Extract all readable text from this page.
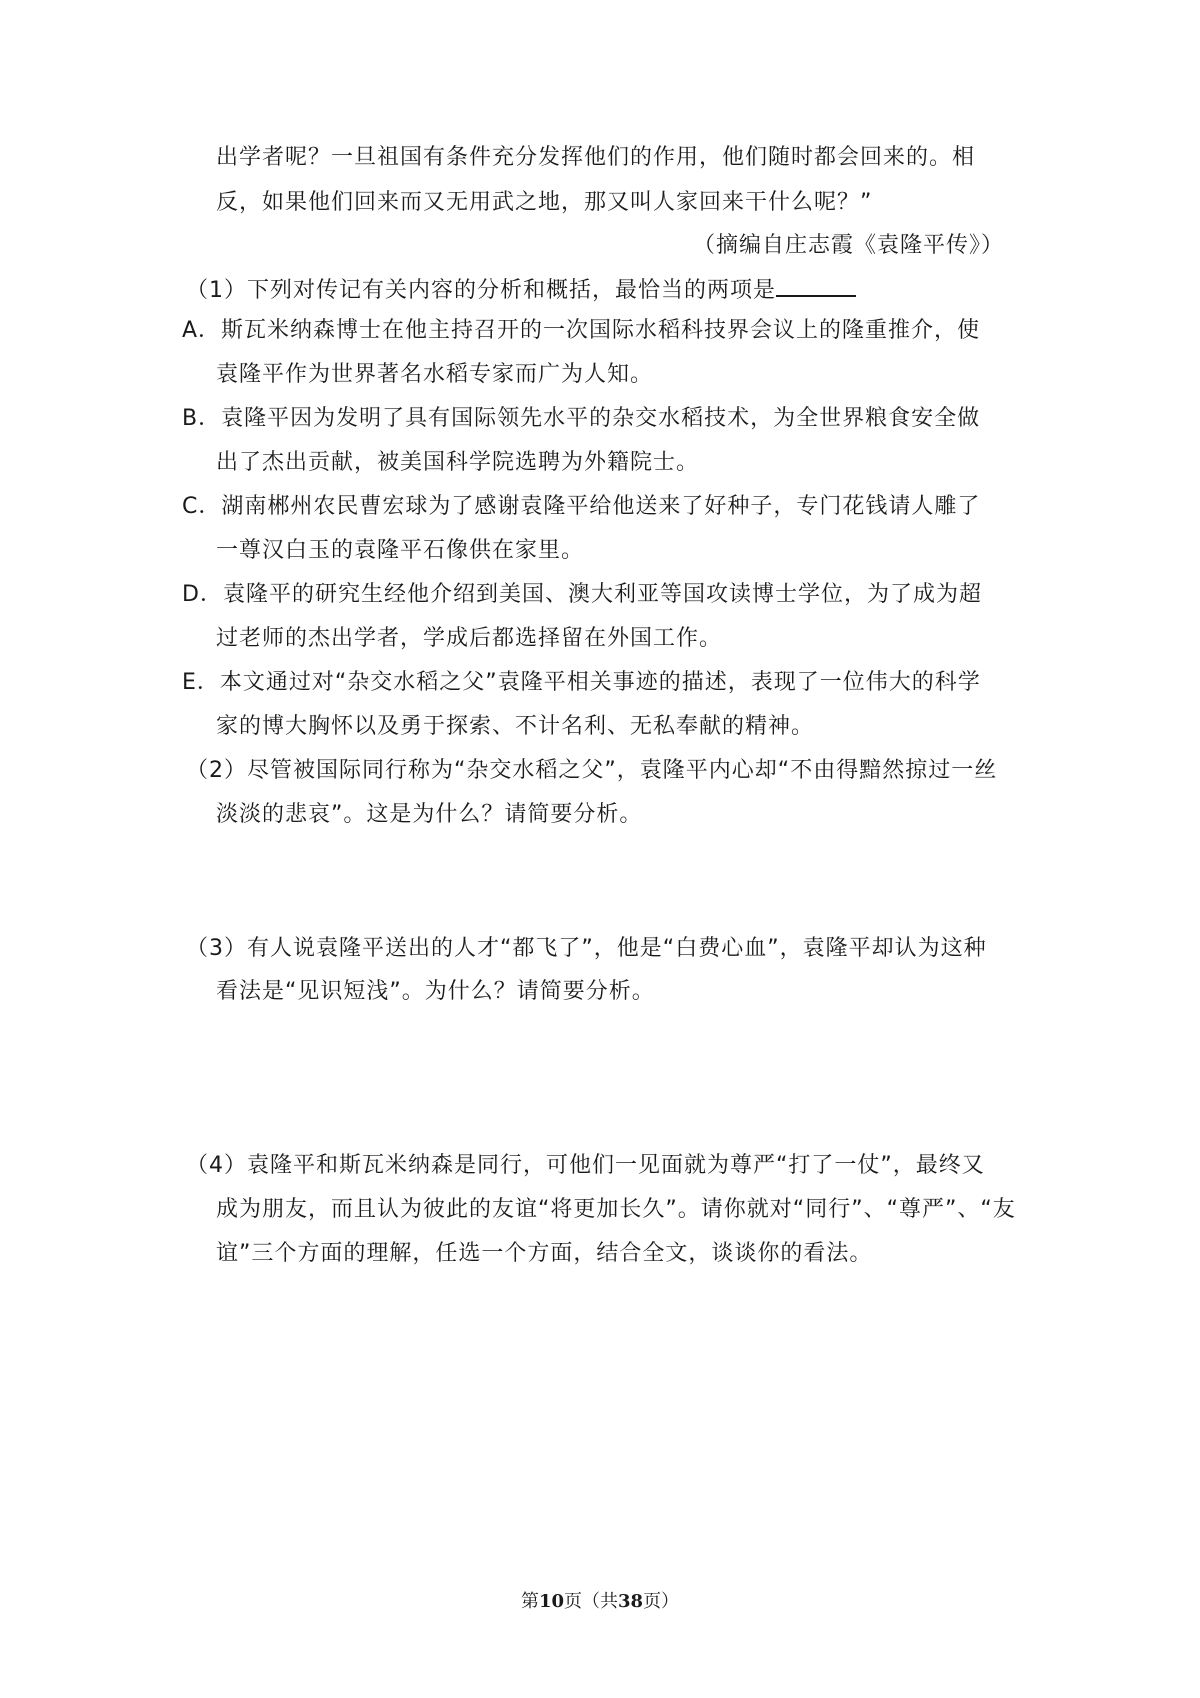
出学者呢？一旦祖国有条件充分发挥他们的作用，他们随时都会回来的。相
反，如果他们回来而又无用武之地，那又叫人家回来干什么呢？”
（摘编自庄志霞《袁隆平传》）
（1）下列对传记有关内容的分析和概括，最恰当的两项是
A．斯瓦米纳森博士在他主持召开的一次国际水稻科技界会议上的隆重推介，使
袁隆平作为世界著名水稻专家而广为人知。
B．袁隆平因为发明了具有国际领先水平的杂交水稻技术，为全世界粮食安全做
出了杰出贡献，被美国科学院选聘为外籍院士。
C．湖南郴州农民曹宏球为了感谢袁隆平给他送来了好种子，专门花钱请人雕了
一尊汉白玉的袁隆平石像供在家里。
D．袁隆平的研究生经他介绍到美国、澳大利亚等国攻读博士学位，为了成为超
过老师的杰出学者，学成后都选择留在外国工作。
E．本文通过对“杂交水稻之父”袁隆平相关事迹的描述，表现了一位伟大的科学
家的博大胸怀以及勇于探索、不计名利、无私奉献的精神。
（2）尽管被国际同行称为“杂交水稻之父”，袁隆平内心却“不由得黯然掠过一丝
淡淡的悲哀”。这是为什么？请简要分析。
（3）有人说袁隆平送出的人才“都飞了”，他是“白费心血”，袁隆平却认为这种
看法是“见识短浅”。为什么？请简要分析。
（4）袁隆平和斯瓦米纳森是同行，可他们一见面就为尊严“打了一仗”，最终又
成为朋友，而且认为彼此的友谊“将更加长久”。请你就对“同行”、“尊严”、“友
谊”三个方面的理解，任选一个方面，结合全文，谈谈你的看法。
第10页（共38页）
